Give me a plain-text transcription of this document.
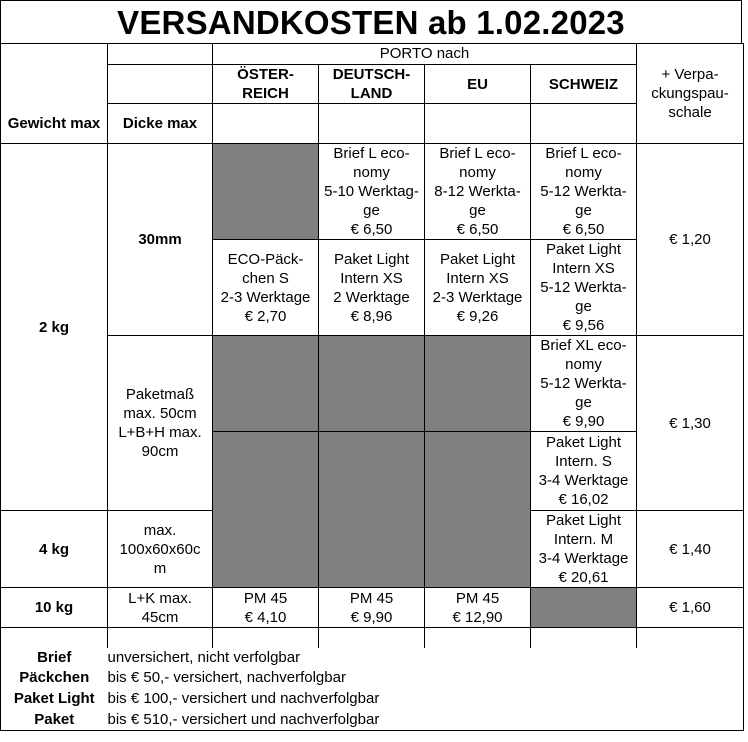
VERSANDKOSTEN ab 1.02.2023
		PORTO nach				+ Verpa-
ckungspau-
schale
		ÖSTER-
REICH	DEUTSCH-
LAND	EU	SCHWEIZ	
Gewicht max	Dicke max					
2 kg	30mm		Brief L eco-
nomy
5-10 Werktag-
ge
€ 6,50	Brief L eco-
nomy
8-12 Werkta-
ge
€ 6,50	Brief L eco-
nomy
5-12 Werkta-
ge
€ 6,50	€ 1,20
		ECO-Päck-
chen S
2-3 Werktage
€ 2,70	Paket Light
Intern XS
2 Werktage
€ 8,96	Paket Light
Intern XS
2-3 Werktage
€ 9,26	Paket Light
Intern XS
5-12 Werkta-
ge
€ 9,56	
	Paketmaß
max. 50cm
L+B+H max.
90cm				Brief XL eco-
nomy
5-12 Werkta-
ge
€ 9,90	€ 1,30
					Paket Light
Intern. S
3-4 Werktage
€ 16,02	
4 kg	max.
100x60x60c
m				Paket Light
Intern. M
3-4 Werktage
€ 20,61	€ 1,40
10 kg	L+K max.
45cm	PM 45
€ 4,10	PM 45
€ 9,90	PM 45
€ 12,90		€ 1,60

Brief	unversichert, nicht verfolgbar					
Päckchen	bis € 50,- versichert, nachverfolgbar					
Paket Light	bis € 100,- versichert und nachverfolgbar					
Paket	bis € 510,- versichert und nachverfolgbar					
